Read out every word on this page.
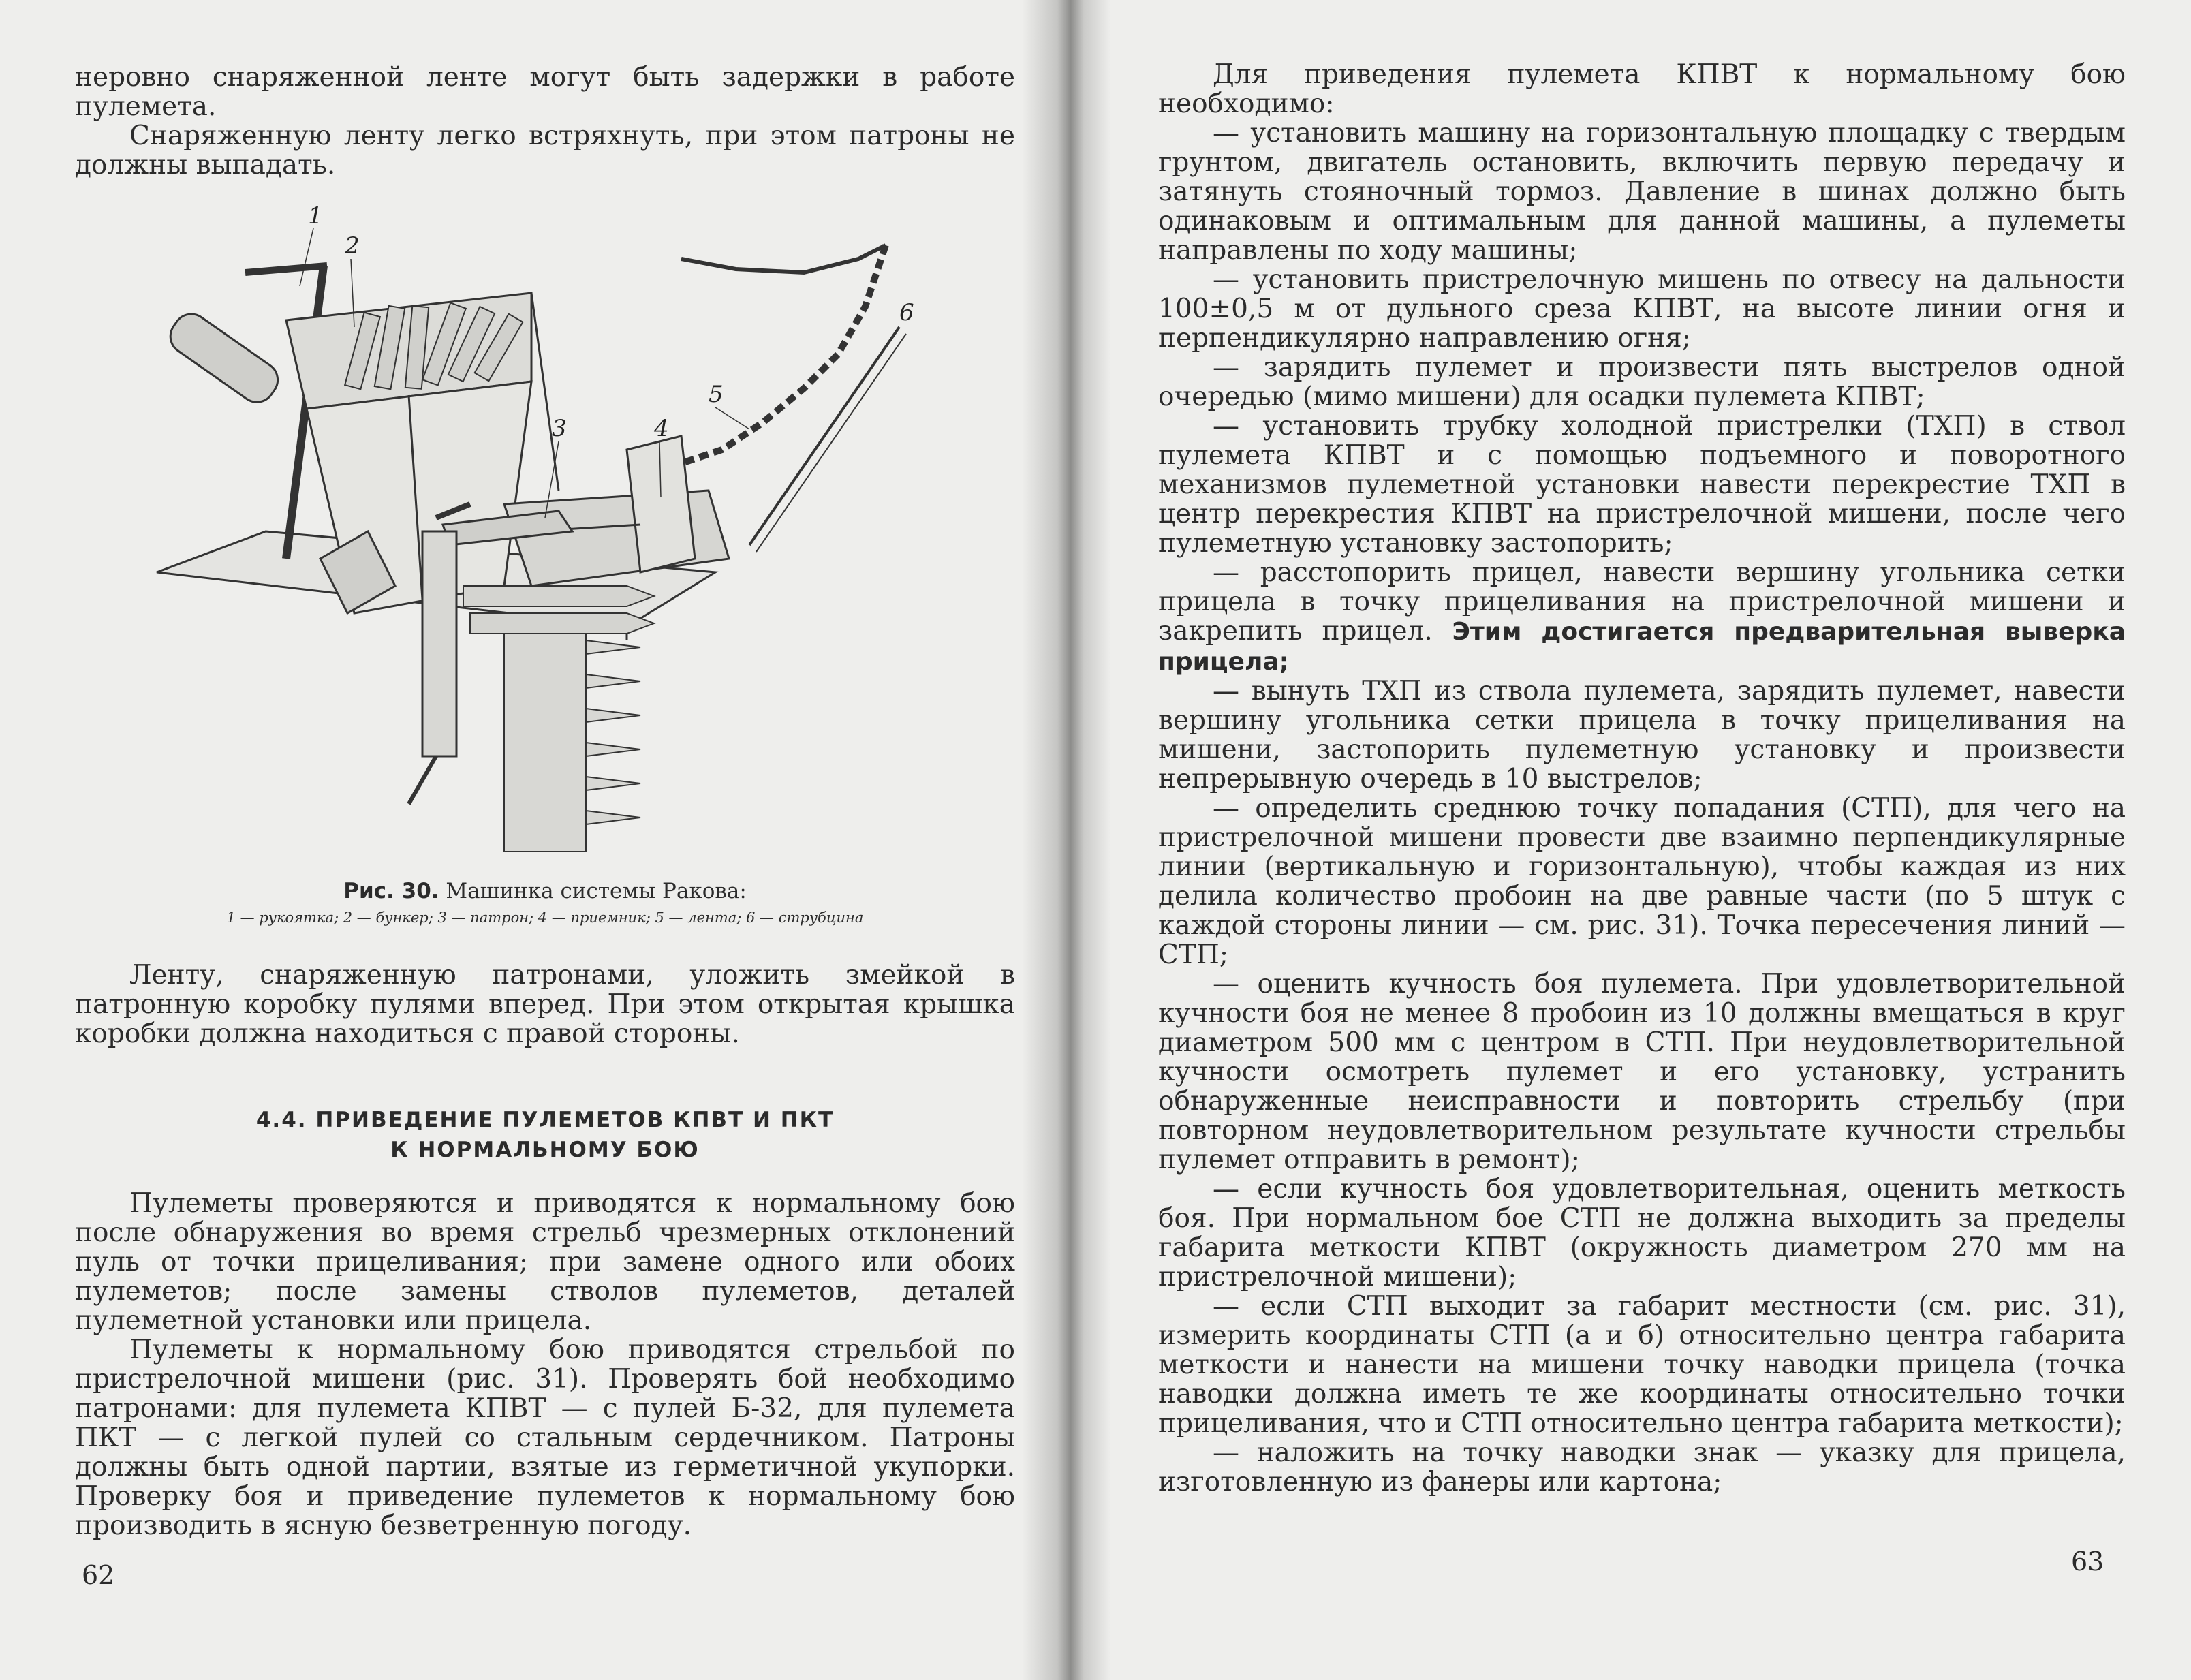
неровно снаряженной ленте могут быть задержки в работе пулемета.

Снаряженную ленту легко встряхнуть, при этом патроны не должны выпадать.

1
2
3	4
5
6
Рис. 30. Машинка системы Ракова:
1 — рукоятка; 2 — бункер; 3 — патрон; 4 — приемник; 5 — лента; 6 — струбцина

Ленту, снаряженную патронами, уложить змейкой в патронную коробку пулями вперед. При этом открытая крышка коробки должна находиться с правой стороны.

4.4. ПРИВЕДЕНИЕ ПУЛЕМЕТОВ КПВТ И ПКТ
К НОРМАЛЬНОМУ БОЮ

Пулеметы проверяются и приводятся к нормальному бою после обнаружения во время стрельб чрезмерных отклонений пуль от точки прицеливания; при замене одного или обоих пулеметов; после замены стволов пулеметов, деталей пулеметной установки или прицела.

Пулеметы к нормальному бою приводятся стрельбой по пристрелочной мишени (рис. 31). Проверять бой необходимо патронами: для пулемета КПВТ — с пулей Б-32, для пулемета ПКТ — с легкой пулей со стальным сердечником. Патроны должны быть одной партии, взятые из герметичной укупорки. Проверку боя и приведение пулеметов к нормальному бою производить в ясную безветренную погоду.

62

Для приведения пулемета КПВТ к нормальному бою необходимо:

— установить машину на горизонтальную площадку с твердым грунтом, двигатель остановить, включить первую передачу и затянуть стояночный тормоз. Давление в шинах должно быть одинаковым и оптимальным для данной машины, а пулеметы направлены по ходу машины;

— установить пристрелочную мишень по отвесу на дальности 100±0,5 м от дульного среза КПВТ, на высоте линии огня и перпендикулярно направлению огня;

— зарядить пулемет и произвести пять выстрелов одной очередью (мимо мишени) для осадки пулемета КПВТ;

— установить трубку холодной пристрелки (ТХП) в ствол пулемета КПВТ и с помощью подъемного и поворотного механизмов пулеметной установки навести перекрестие ТХП в центр перекрестия КПВТ на пристрелочной мишени, после чего пулеметную установку застопорить;

— расстопорить прицел, навести вершину угольника сетки прицела в точку прицеливания на пристрелочной мишени и закрепить прицел. Этим достигается предварительная выверка прицела;

— вынуть ТХП из ствола пулемета, зарядить пулемет, навести вершину угольника сетки прицела в точку прицеливания на мишени, застопорить пулеметную установку и произвести непрерывную очередь в 10 выстрелов;

— определить среднюю точку попадания (СТП), для чего на пристрелочной мишени провести две взаимно перпендикулярные линии (вертикальную и горизонтальную), чтобы каждая из них делила количество пробоин на две равные части (по 5 штук с каждой стороны линии — см. рис. 31). Точка пересечения линий — СТП;

— оценить кучность боя пулемета. При удовлетворительной кучности боя не менее 8 пробоин из 10 должны вмещаться в круг диаметром 500 мм с центром в СТП. При неудовлетворительной кучности осмотреть пулемет и его установку, устранить обнаруженные неисправности и повторить стрельбу (при повторном неудовлетворительном результате кучности стрельбы пулемет отправить в ремонт);

— если кучность боя удовлетворительная, оценить меткость боя. При нормальном бое СТП не должна выходить за пределы габарита меткости КПВТ (окружность диаметром 270 мм на пристрелочной мишени);

— если СТП выходит за габарит местности (см. рис. 31), измерить координаты СТП (а и б) относительно центра габарита меткости и нанести на мишени точку наводки прицела (точка наводки должна иметь те же координаты относительно точки прицеливания, что и СТП относительно центра габарита меткости);

— наложить на точку наводки знак — указку для прицела, изготовленную из фанеры или картона;

63
